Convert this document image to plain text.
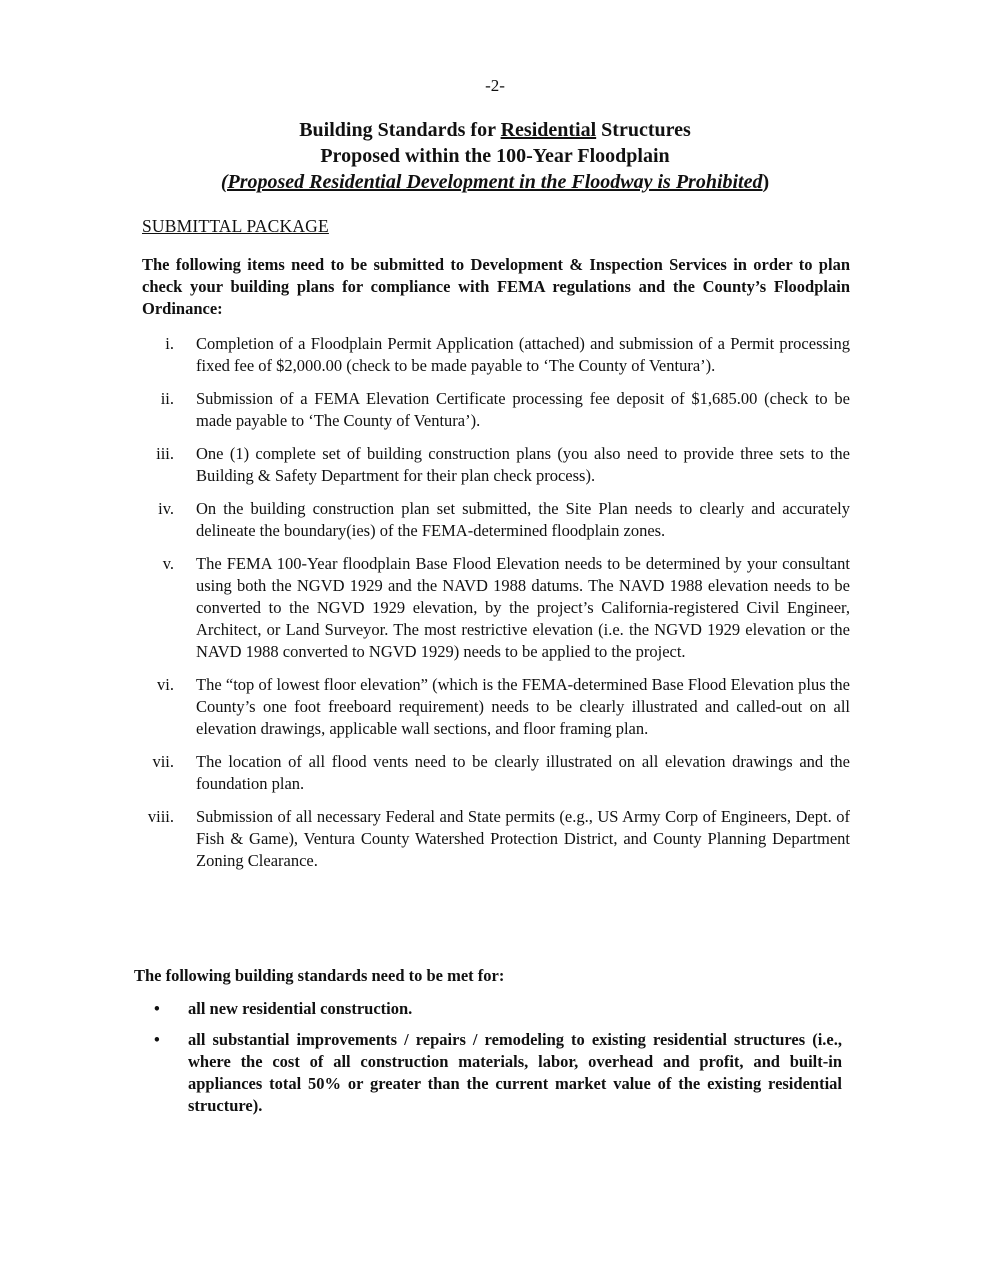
-2-
Building Standards for Residential Structures
Proposed within the 100-Year Floodplain
(Proposed Residential Development in the Floodway is Prohibited)
SUBMITTAL PACKAGE
The following items need to be submitted to Development & Inspection Services in order to plan check your building plans for compliance with FEMA regulations and the County’s Floodplain Ordinance:
i. Completion of a Floodplain Permit Application (attached) and submission of a Permit processing fixed fee of $2,000.00 (check to be made payable to ‘The County of Ventura’).
ii. Submission of a FEMA Elevation Certificate processing fee deposit of $1,685.00 (check to be made payable to ‘The County of Ventura’).
iii. One (1) complete set of building construction plans (you also need to provide three sets to the Building & Safety Department for their plan check process).
iv. On the building construction plan set submitted, the Site Plan needs to clearly and accurately delineate the boundary(ies) of the FEMA-determined floodplain zones.
v. The FEMA 100-Year floodplain Base Flood Elevation needs to be determined by your consultant using both the NGVD 1929 and the NAVD 1988 datums. The NAVD 1988 elevation needs to be converted to the NGVD 1929 elevation, by the project’s California-registered Civil Engineer, Architect, or Land Surveyor. The most restrictive elevation (i.e. the NGVD 1929 elevation or the NAVD 1988 converted to NGVD 1929) needs to be applied to the project.
vi. The “top of lowest floor elevation” (which is the FEMA-determined Base Flood Elevation plus the County’s one foot freeboard requirement) needs to be clearly illustrated and called-out on all elevation drawings, applicable wall sections, and floor framing plan.
vii. The location of all flood vents need to be clearly illustrated on all elevation drawings and the foundation plan.
viii. Submission of all necessary Federal and State permits (e.g., US Army Corp of Engineers, Dept. of Fish & Game), Ventura County Watershed Protection District, and County Planning Department Zoning Clearance.
The following building standards need to be met for:
• all new residential construction.
• all substantial improvements / repairs / remodeling to existing residential structures (i.e., where the cost of all construction materials, labor, overhead and profit, and built-in appliances total 50% or greater than the current market value of the existing residential structure).
